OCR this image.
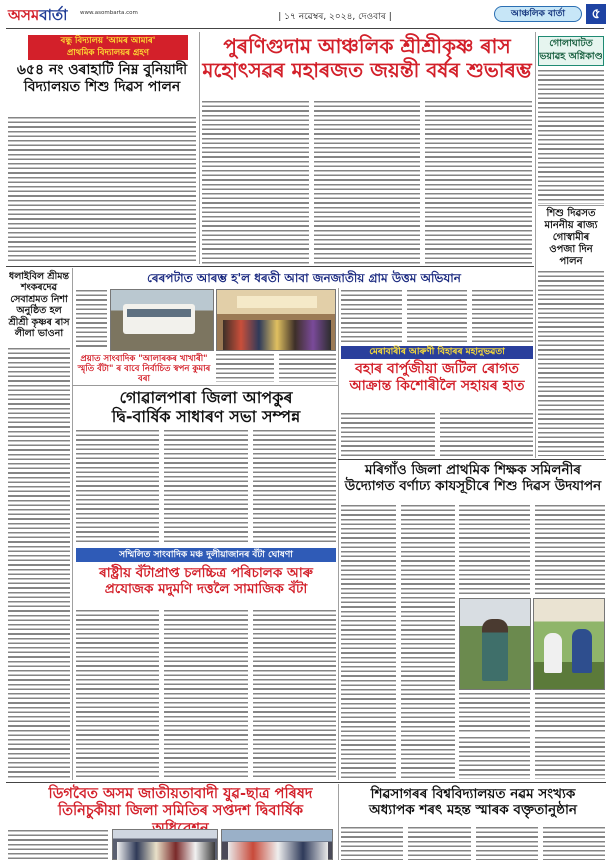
অসমবাৰ্তা	www.asombarta.com	| ১৭ নৱেম্বৰ, ২০২৪, দেওবাৰ |	আঞ্চলিক বাৰ্তা	৫
বন্ধু বিদ্যালয় 'আমৰ আমাৰ'
প্ৰাথমিক বিদ্যালয়ৰ গ্ৰহণ
৬৫৪ নং ওৰাহাটি নিম্ন বুনিয়াদী বিদ্যালয়ত শিশু দিৱস পালন
পুৰণিগুদাম আঞ্চলিক শ্ৰীশ্ৰীকৃষ্ণ ৰাস
মহোৎসৱৰ মহাৰজত জয়ন্তী বৰ্ষৰ শুভাৰম্ভ
গোলাঘাটত
ভয়াৱহ অগ্নিকাণ্ড
শিশু দিৱসত মাননীয় ৰাজ্য গোস্বামীৰ ওপজা দিন পালন
ধলাইবিল শ্ৰীমন্ত শংকৰদেৱ সেবাশ্ৰমত নিশা অনুষ্ঠিত হল শ্ৰীশ্ৰী কৃষ্ণৰ ৰাস লীলা ভাওনা
ৰেৰপটাত আৰম্ভ হ'ল ধৰতী আবা জনজাতীয় গ্ৰাম উত্তম অভিযান
প্ৰয়াত সাংবাদিক "আলাৰকৰ খাখাৰী"
স্মৃতি বঁটা" ৰ বাবে নিৰ্বাচিত স্বপন কুমাৰ বৰা
মেৰাবাৰীৰ আৰুণী বিহাৰৰ মহানুভৱতা
বহাৰ বাৰ্পুজীয়া জটিল ৰোগত
আক্ৰান্ত কিশোৰীলৈ সহায়ৰ হাত
গোৱালপাৰা জিলা আপকুৰ
দ্বি-বাৰ্ষিক সাধাৰণ সভা সম্পন্ন
সম্মিলিত সাংবাদিক মঞ্চ দুলীয়াজানৰ বঁটা ঘোষণা
ৰাষ্ট্ৰীয় বঁটাপ্ৰাপ্ত চলচ্চিত্ৰ পৰিচালক আৰু
প্ৰযোজক মদুমণি দত্তলৈ সামাজিক বঁটা
মৰিগাঁও জিলা প্ৰাথমিক শিক্ষক সমিলনীৰ
উদ্যোগত বৰ্ণাঢ্য কাযসূচীৰে শিশু দিৱস উদযাপন
ডিগবৈত অসম জাতীয়তাবাদী যুৱ-ছাত্ৰ পৰিষদ
তিনিচুকীয়া জিলা সমিতিৰ সপ্তদশ দ্বিবাৰ্ষিক
শিৱসাগৰৰ বিশ্ববিদ্যালয়ত নৱম সংখ্যক
অধ্যাপক শৰৎ মহন্ত স্মাৰক বক্তৃতানুষ্ঠান
